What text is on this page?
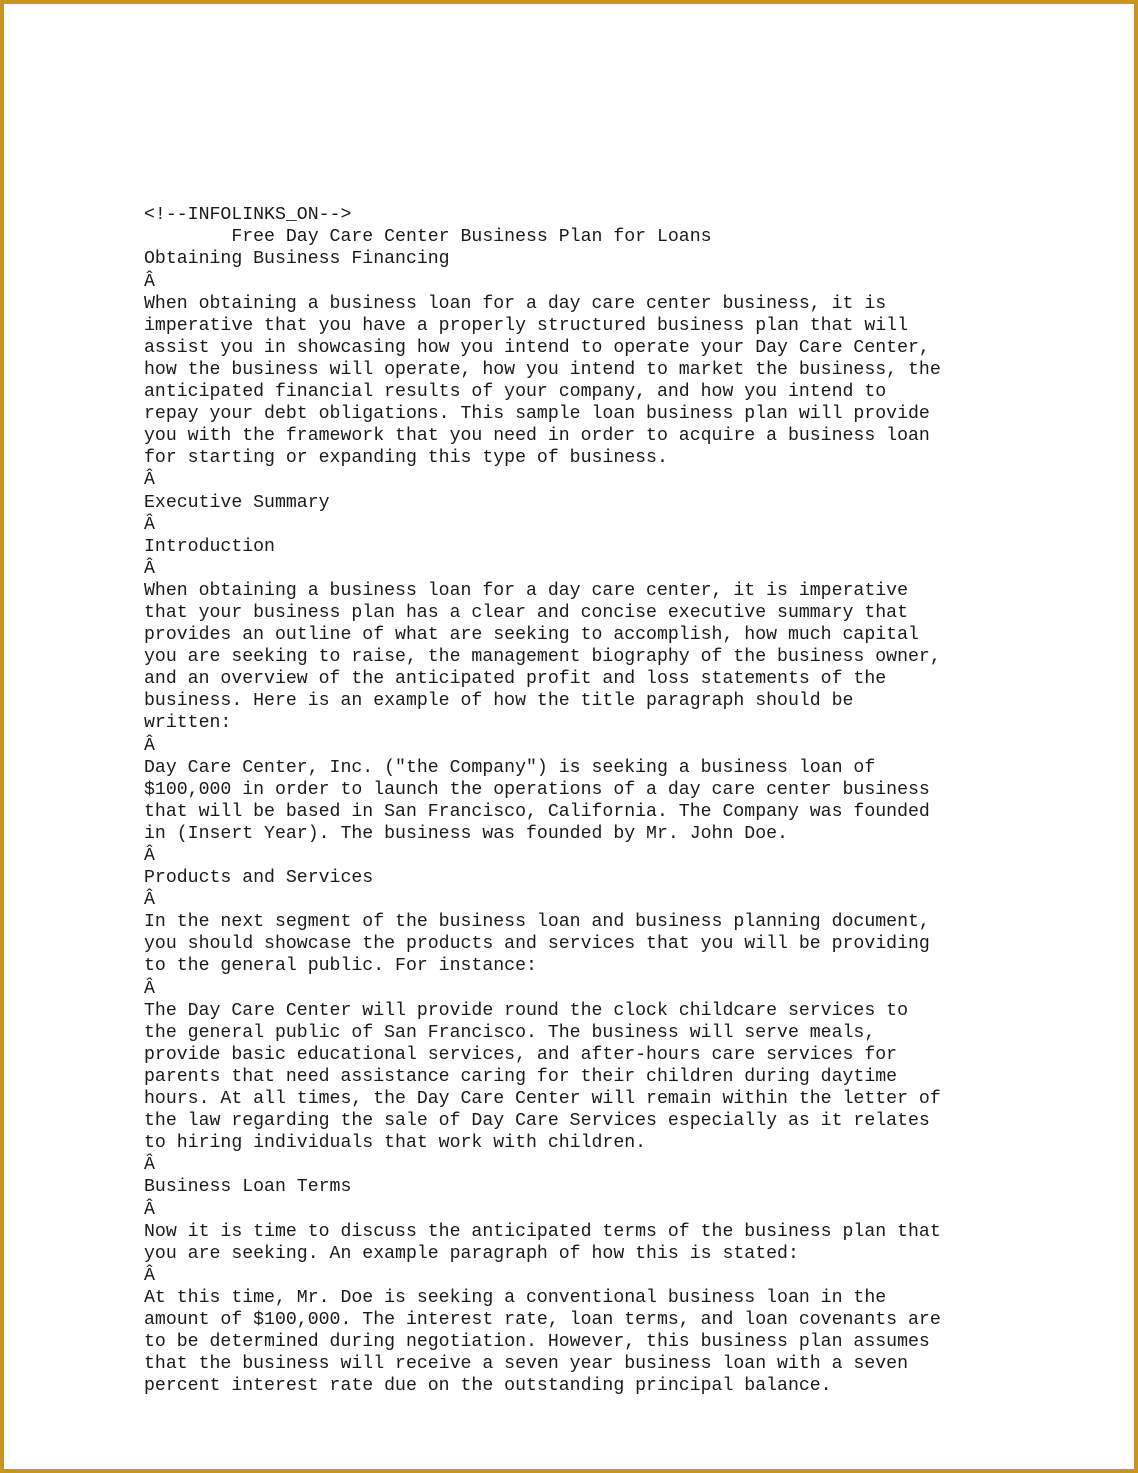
<!--INFOLINKS_ON-->
Free Day Care Center Business Plan for Loans
Obtaining Business Financing
Â
When obtaining a business loan for a day care center business, it is
imperative that you have a properly structured business plan that will
assist you in showcasing how you intend to operate your Day Care Center,
how the business will operate, how you intend to market the business, the
anticipated financial results of your company, and how you intend to
repay your debt obligations. This sample loan business plan will provide
you with the framework that you need in order to acquire a business loan
for starting or expanding this type of business.
Â
Executive Summary
Â
Introduction
Â
When obtaining a business loan for a day care center, it is imperative
that your business plan has a clear and concise executive summary that
provides an outline of what are seeking to accomplish, how much capital
you are seeking to raise, the management biography of the business owner,
and an overview of the anticipated profit and loss statements of the
business. Here is an example of how the title paragraph should be
written:
Â
Day Care Center, Inc. ("the Company") is seeking a business loan of
$100,000 in order to launch the operations of a day care center business
that will be based in San Francisco, California. The Company was founded
in (Insert Year). The business was founded by Mr. John Doe.
Â
Products and Services
Â
In the next segment of the business loan and business planning document,
you should showcase the products and services that you will be providing
to the general public. For instance:
Â
The Day Care Center will provide round the clock childcare services to
the general public of San Francisco. The business will serve meals,
provide basic educational services, and after-hours care services for
parents that need assistance caring for their children during daytime
hours. At all times, the Day Care Center will remain within the letter of
the law regarding the sale of Day Care Services especially as it relates
to hiring individuals that work with children.
Â
Business Loan Terms
Â
Now it is time to discuss the anticipated terms of the business plan that
you are seeking. An example paragraph of how this is stated:
Â
At this time, Mr. Doe is seeking a conventional business loan in the
amount of $100,000. The interest rate, loan terms, and loan covenants are
to be determined during negotiation. However, this business plan assumes
that the business will receive a seven year business loan with a seven
percent interest rate due on the outstanding principal balance.
